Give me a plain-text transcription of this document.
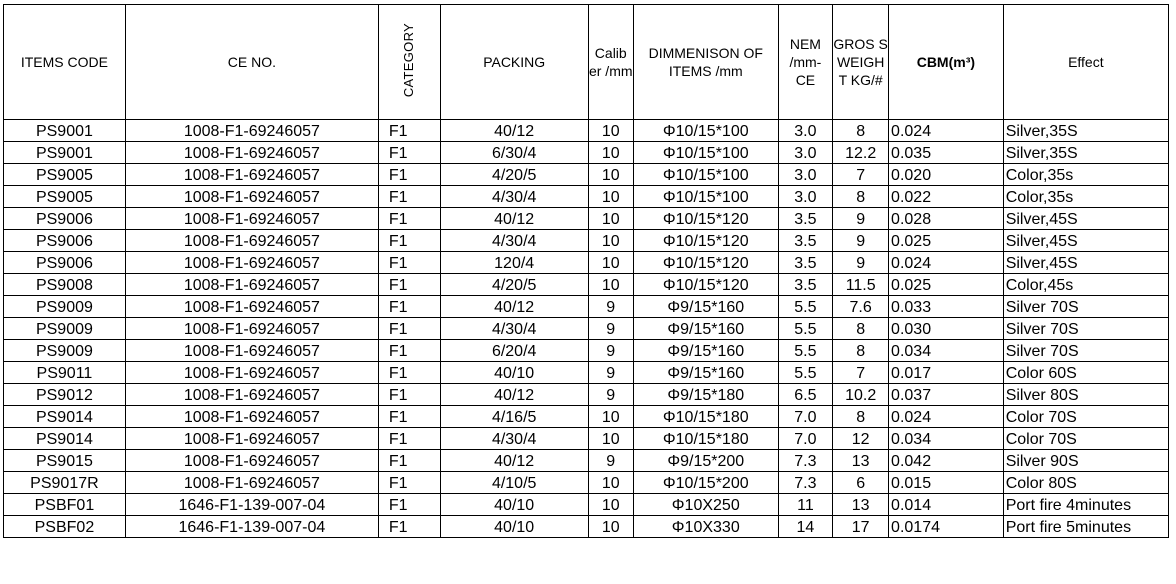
ITEMS CODE	CE NO.	CATEGORY	PACKING	Calib er /mm	DIMMENISON OF ITEMS /mm	NEM /mm- CE	GROS S WEIGH T KG/#	CBM(m³)	Effect
PS9001	1008-F1-69246057	F1	40/12	10	Φ10/15*100	3.0	8	0.024	Silver,35S
PS9001	1008-F1-69246057	F1	6/30/4	10	Φ10/15*100	3.0	12.2	0.035	Silver,35S
PS9005	1008-F1-69246057	F1	4/20/5	10	Φ10/15*100	3.0	7	0.020	Color,35s
PS9005	1008-F1-69246057	F1	4/30/4	10	Φ10/15*100	3.0	8	0.022	Color,35s
PS9006	1008-F1-69246057	F1	40/12	10	Φ10/15*120	3.5	9	0.028	Silver,45S
PS9006	1008-F1-69246057	F1	4/30/4	10	Φ10/15*120	3.5	9	0.025	Silver,45S
PS9006	1008-F1-69246057	F1	120/4	10	Φ10/15*120	3.5	9	0.024	Silver,45S
PS9008	1008-F1-69246057	F1	4/20/5	10	Φ10/15*120	3.5	11.5	0.025	Color,45s
PS9009	1008-F1-69246057	F1	40/12	9	Φ9/15*160	5.5	7.6	0.033	Silver 70S
PS9009	1008-F1-69246057	F1	4/30/4	9	Φ9/15*160	5.5	8	0.030	Silver 70S
PS9009	1008-F1-69246057	F1	6/20/4	9	Φ9/15*160	5.5	8	0.034	Silver 70S
PS9011	1008-F1-69246057	F1	40/10	9	Φ9/15*160	5.5	7	0.017	Color 60S
PS9012	1008-F1-69246057	F1	40/12	9	Φ9/15*180	6.5	10.2	0.037	Silver 80S
PS9014	1008-F1-69246057	F1	4/16/5	10	Φ10/15*180	7.0	8	0.024	Color 70S
PS9014	1008-F1-69246057	F1	4/30/4	10	Φ10/15*180	7.0	12	0.034	Color 70S
PS9015	1008-F1-69246057	F1	40/12	9	Φ9/15*200	7.3	13	0.042	Silver 90S
PS9017R	1008-F1-69246057	F1	4/10/5	10	Φ10/15*200	7.3	6	0.015	Color 80S
PSBF01	1646-F1-139-007-04	F1	40/10	10	Φ10X250	11	13	0.014	Port fire 4minutes
PSBF02	1646-F1-139-007-04	F1	40/10	10	Φ10X330	14	17	0.0174	Port fire 5minutes
